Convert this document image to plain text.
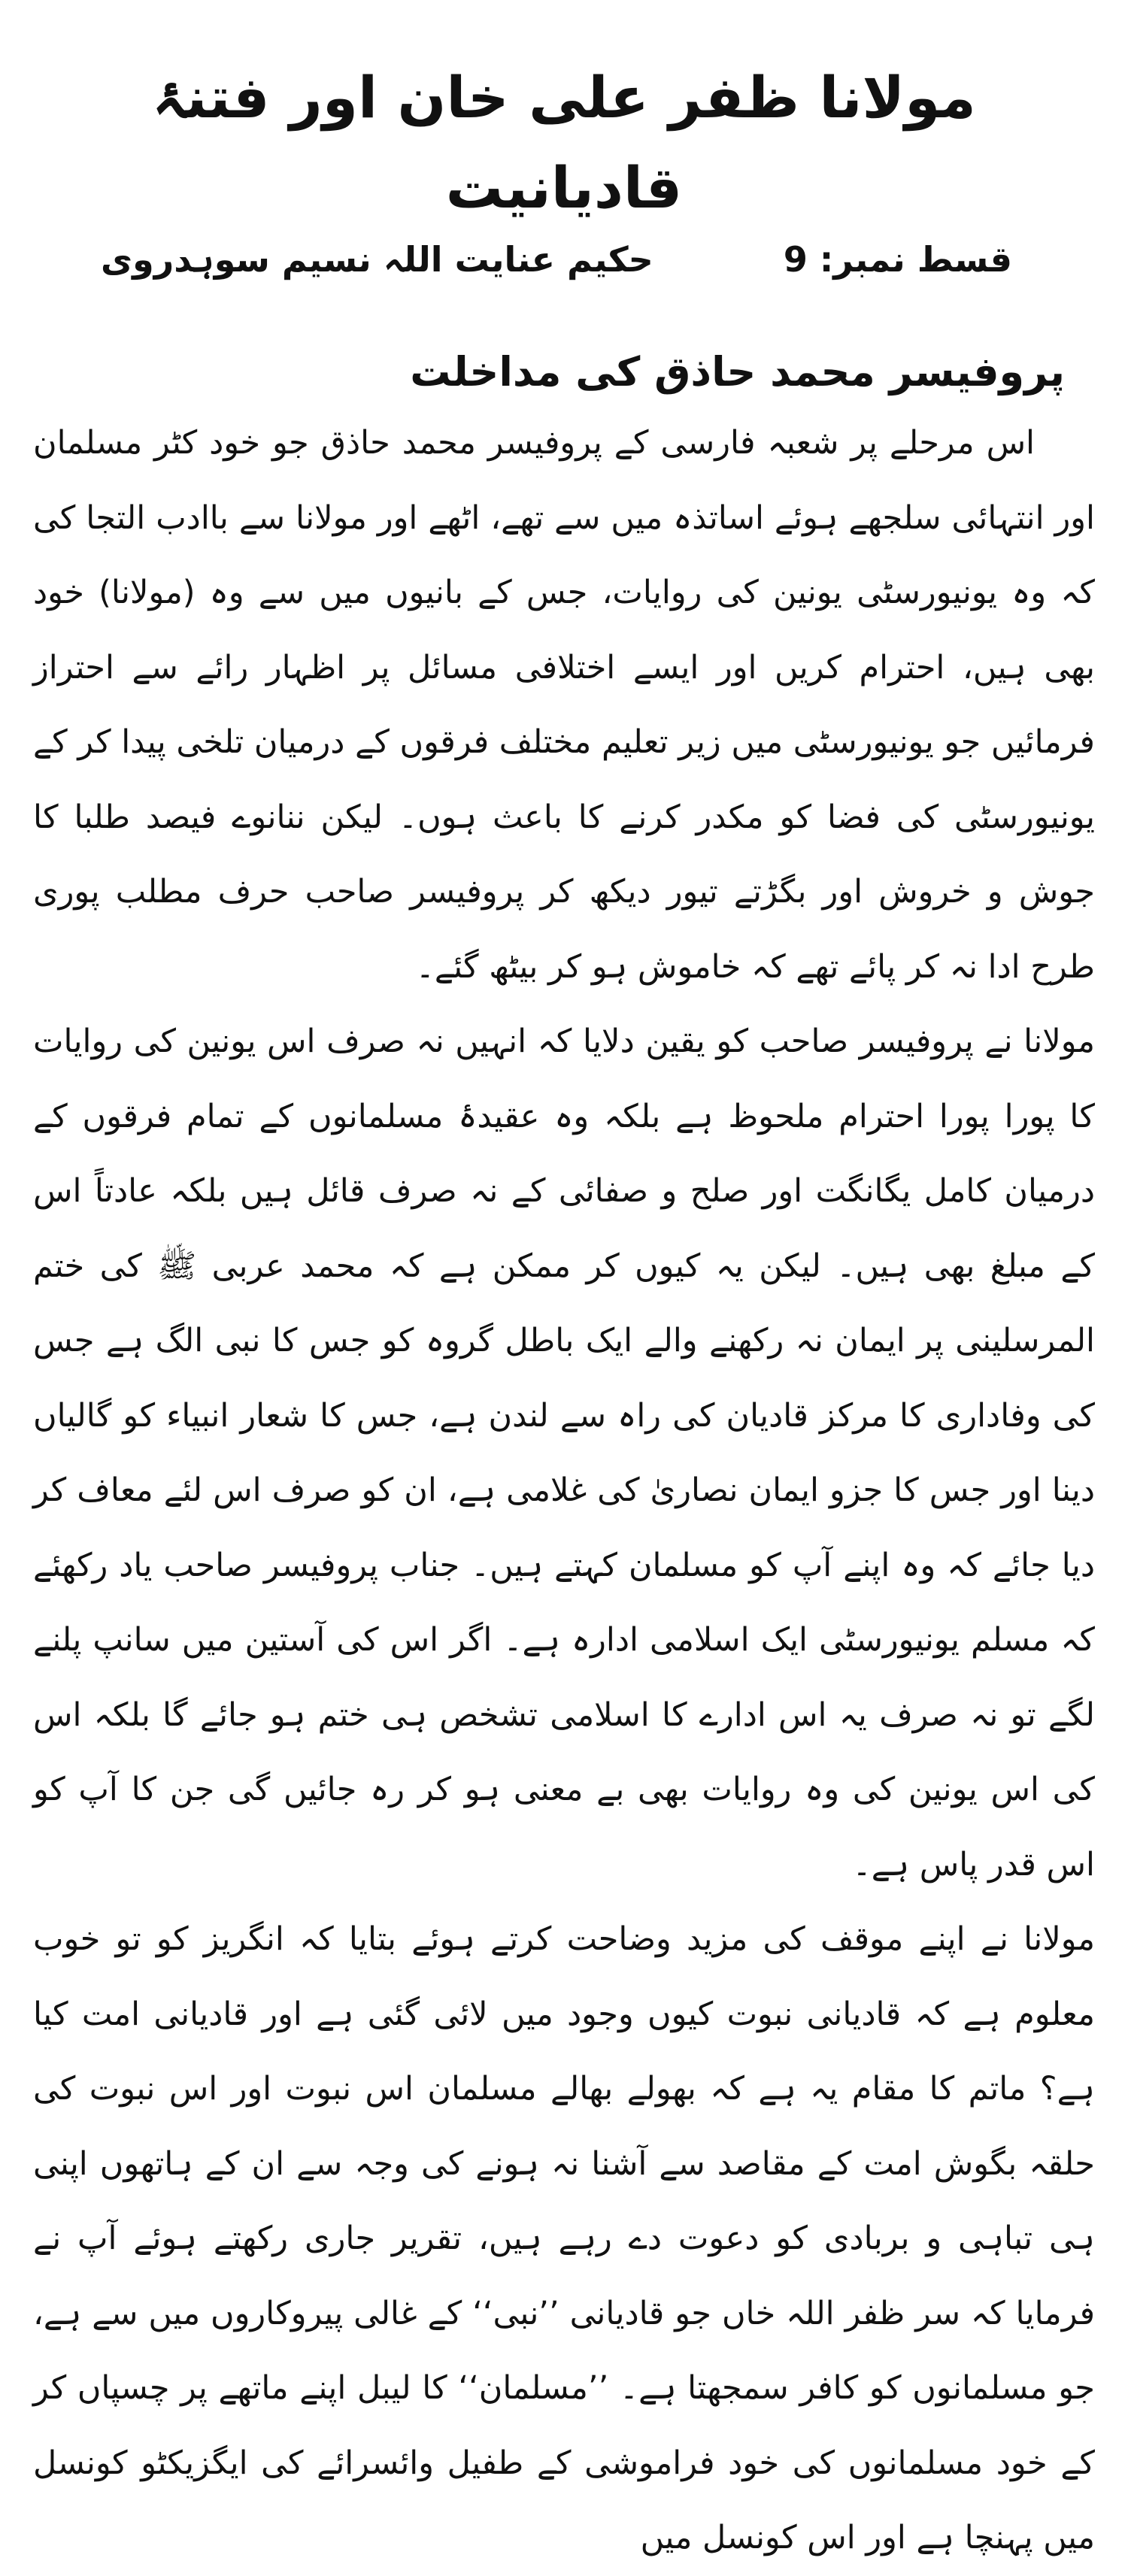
مولانا ظفر علی خان اور فتنۂ قادیانیت
قسط نمبر: 9
حکیم عنایت اللہ نسیم سوہدروی
پروفیسر محمد حاذق کی مداخلت

اس مرحلے پر شعبہ فارسی کے پروفیسر محمد حاذق جو خود کٹر مسلمان اور انتہائی سلجھے ہوئے اساتذہ میں سے تھے، اٹھے اور مولانا سے باادب التجا کی کہ وہ یونیورسٹی یونین کی روایات، جس کے بانیوں میں سے وہ (مولانا) خود بھی ہیں، احترام کریں اور ایسے اختلافی مسائل پر اظہار رائے سے احتراز فرمائیں جو یونیورسٹی میں زیر تعلیم مختلف فرقوں کے درمیان تلخی پیدا کر کے یونیورسٹی کی فضا کو مکدر کرنے کا باعث ہوں۔ لیکن ننانوے فیصد طلبا کا جوش و خروش اور بگڑتے تیور دیکھ کر پروفیسر صاحب حرف مطلب پوری طرح ادا نہ کر پائے تھے کہ خاموش ہو کر بیٹھ گئے۔

مولانا نے پروفیسر صاحب کو یقین دلایا کہ انہیں نہ صرف اس یونین کی روایات کا پورا پورا احترام ملحوظ ہے بلکہ وہ عقیدۂ مسلمانوں کے تمام فرقوں کے درمیان کامل یگانگت اور صلح و صفائی کے نہ صرف قائل ہیں بلکہ عادتاً اس کے مبلغ بھی ہیں۔ لیکن یہ کیوں کر ممکن ہے کہ محمد عربی ﷺ کی ختم المرسلینی پر ایمان نہ رکھنے والے ایک باطل گروہ کو جس کا نبی الگ ہے جس کی وفاداری کا مرکز قادیان کی راہ سے لندن ہے، جس کا شعار انبیاء کو گالیاں دینا اور جس کا جزو ایمان نصاریٰ کی غلامی ہے، ان کو صرف اس لئے معاف کر دیا جائے کہ وہ اپنے آپ کو مسلمان کہتے ہیں۔ جناب پروفیسر صاحب یاد رکھئے کہ مسلم یونیورسٹی ایک اسلامی ادارہ ہے۔ اگر اس کی آستین میں سانپ پلنے لگے تو نہ صرف یہ اس ادارے کا اسلامی تشخص ہی ختم ہو جائے گا بلکہ اس کی اس یونین کی وہ روایات بھی بے معنی ہو کر رہ جائیں گی جن کا آپ کو اس قدر پاس ہے۔

مولانا نے اپنے موقف کی مزید وضاحت کرتے ہوئے بتایا کہ انگریز کو تو خوب معلوم ہے کہ قادیانی نبوت کیوں وجود میں لائی گئی ہے اور قادیانی امت کیا ہے؟ ماتم کا مقام یہ ہے کہ بھولے بھالے مسلمان اس نبوت اور اس نبوت کی حلقہ بگوش امت کے مقاصد سے آشنا نہ ہونے کی وجہ سے ان کے ہاتھوں اپنی ہی تباہی و بربادی کو دعوت دے رہے ہیں، تقریر جاری رکھتے ہوئے آپ نے فرمایا کہ سر ظفر اللہ خاں جو قادیانی ’’نبی‘‘ کے غالی پیروکاروں میں سے ہے، جو مسلمانوں کو کافر سمجھتا ہے۔ ’’مسلمان‘‘ کا لیبل اپنے ماتھے پر چسپاں کر کے خود مسلمانوں کی خود فراموشی کے طفیل وائسرائے کی ایگزیکٹو کونسل میں پہنچا ہے اور اس کونسل میں
